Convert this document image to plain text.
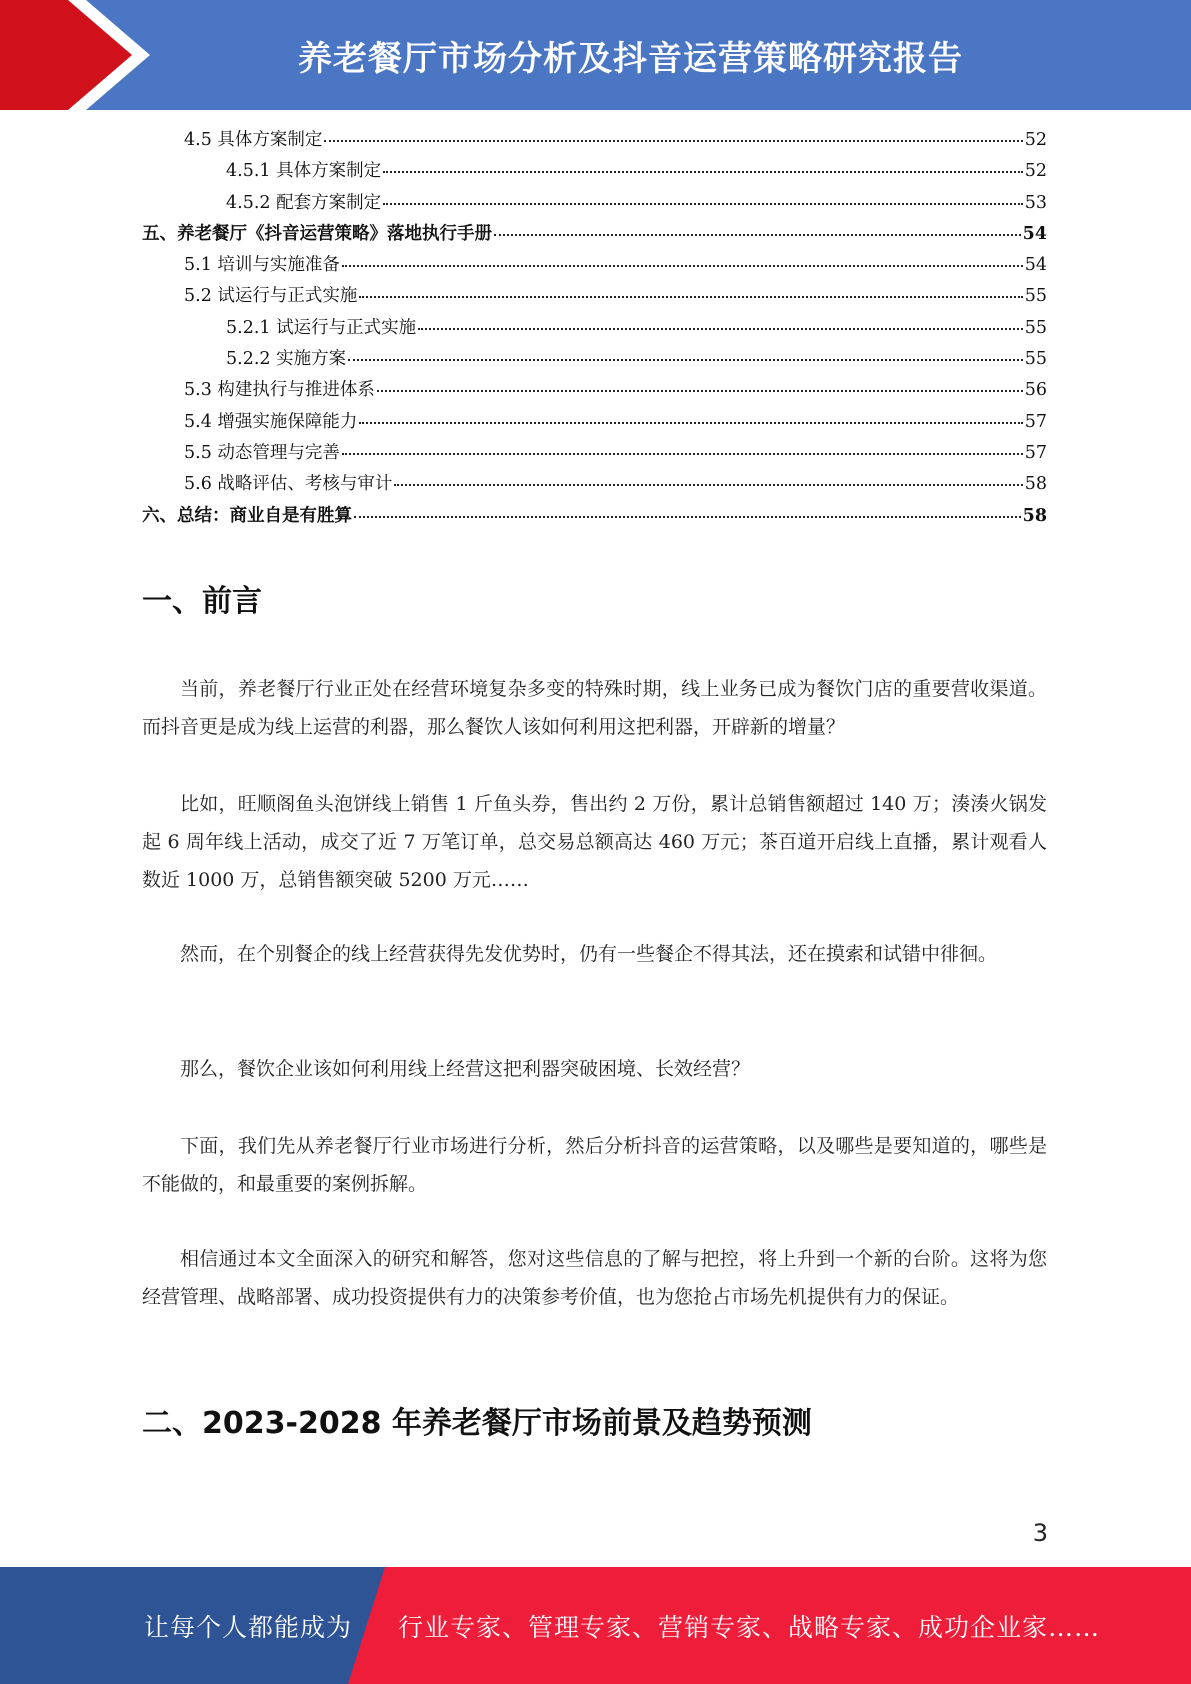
养老餐厅市场分析及抖音运营策略研究报告
4.5 具体方案制定	52
4.5.1 具体方案制定	52
4.5.2 配套方案制定	53
五、养老餐厅《抖音运营策略》落地执行手册	54
5.1 培训与实施准备	54
5.2 试运行与正式实施	55
5.2.1 试运行与正式实施	55
5.2.2 实施方案	55
5.3 构建执行与推进体系	56
5.4 增强实施保障能力	57
5.5 动态管理与完善	57
5.6 战略评估、考核与审计	58
六、总结：商业自是有胜算	58
一、前言

当前，养老餐厅行业正处在经营环境复杂多变的特殊时期，线上业务已成为餐饮门店的重要营收渠道。而抖音更是成为线上运营的利器，那么餐饮人该如何利用这把利器，开辟新的增量？

比如，旺顺阁鱼头泡饼线上销售 1 斤鱼头券，售出约 2 万份，累计总销售额超过 140 万；湊湊火锅发起 6 周年线上活动，成交了近 7 万笔订单，总交易总额高达 460 万元；茶百道开启线上直播，累计观看人数近 1000 万，总销售额突破 5200 万元……

然而，在个别餐企的线上经营获得先发优势时，仍有一些餐企不得其法，还在摸索和试错中徘徊。

那么，餐饮企业该如何利用线上经营这把利器突破困境、长效经营？

下面，我们先从养老餐厅行业市场进行分析，然后分析抖音的运营策略，以及哪些是要知道的，哪些是不能做的，和最重要的案例拆解。

相信通过本文全面深入的研究和解答，您对这些信息的了解与把控，将上升到一个新的台阶。这将为您经营管理、战略部署、成功投资提供有力的决策参考价值，也为您抢占市场先机提供有力的保证。

二、2023-2028 年养老餐厅市场前景及趋势预测
3
让每个人都能成为 行业专家、管理专家、营销专家、战略专家、成功企业家……
